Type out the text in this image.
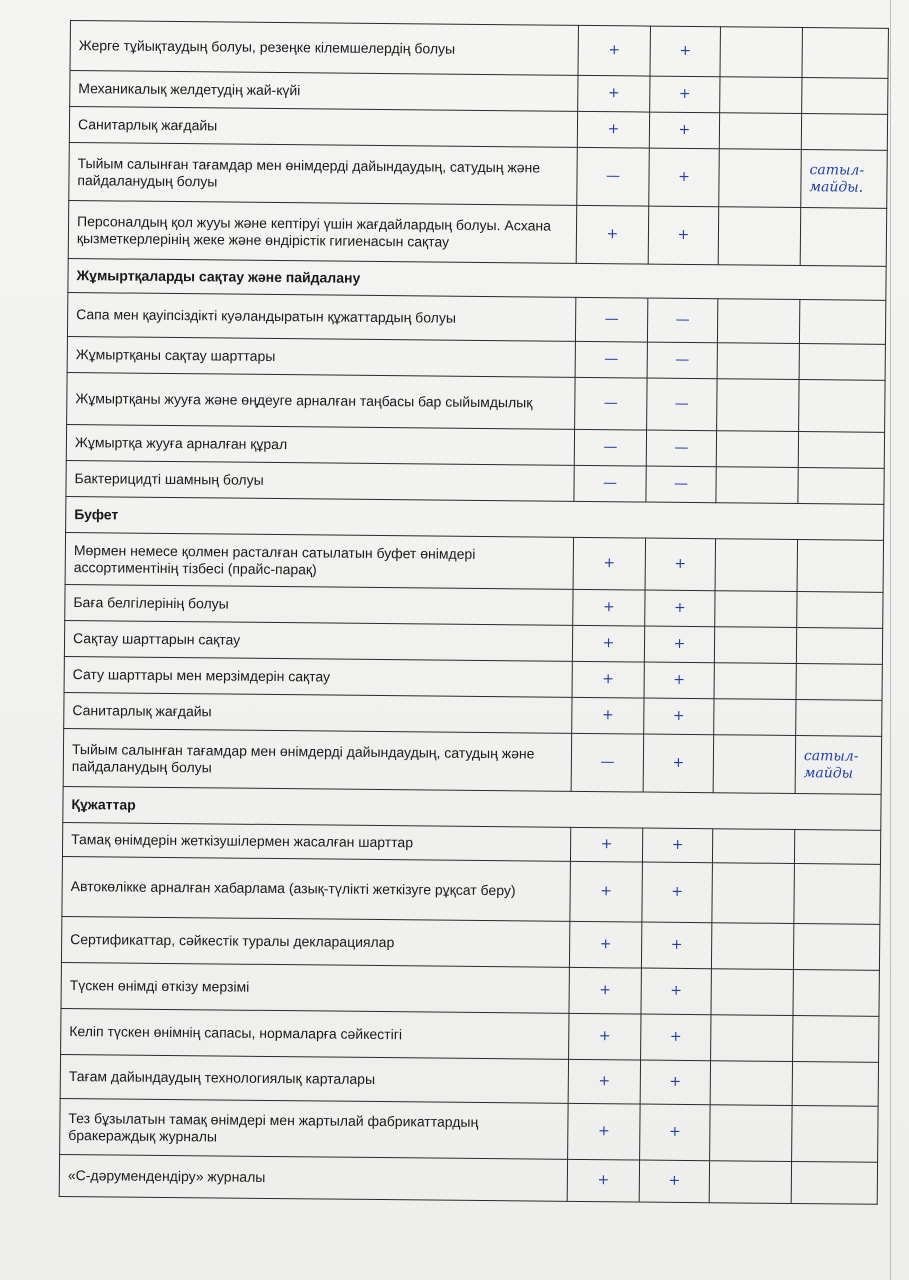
Жерге тұйықтаудың болуы, резеңке кілемшелердің болуы	+	+		
Механикалық желдетудің жай-күйі	+	+		
Санитарлық жағдайы	+	+		
Тыйым салынған тағамдар мен өнімдерді дайындаудың, сатудың және пайдаланудың болуы	—	+		сатыл-майды.
Персоналдың қол жууы және кептіруі үшін жағдайлардың болуы. Асхана қызметкерлерінің жеке және өндірістік гигиенасын сақтау	+	+		
Жұмыртқаларды сақтау және пайдалану				
Сапа мен қауіпсіздікті куәландыратын құжаттардың болуы	—	—		
Жұмыртқаны сақтау шарттары	—	—		
Жұмыртқаны жууға және өңдеуге арналған таңбасы бар сыйымдылық	—	—		
Жұмыртқа жууға арналған құрал	—	—		
Бактерицидті шамның болуы	—	—		
Буфет				
Мөрмен немесе қолмен расталған сатылатын буфет өнімдері ассортиментінің тізбесі (прайс-парақ)	+	+		
Баға белгілерінің болуы	+	+		
Сақтау шарттарын сақтау	+	+		
Сату шарттары мен мерзімдерін сақтау	+	+		
Санитарлық жағдайы	+	+		
Тыйым салынған тағамдар мен өнімдерді дайындаудың, сатудың және пайдаланудың болуы	—	+		сатыл-майды
Құжаттар				
Тамақ өнімдерін жеткізушілермен жасалған шарттар	+	+		
Автокөлікке арналған хабарлама (азық-түлікті жеткізуге рұқсат беру)	+	+		
Сертификаттар, сәйкестік туралы декларациялар	+	+		
Түскен өнімді өткізу мерзімі	+	+		
Келіп түскен өнімнің сапасы, нормаларға сәйкестігі	+	+		
Тағам дайындаудың технологиялық карталары	+	+		
Тез бұзылатын тамақ өнімдері мен жартылай фабрикаттардың бракераждық журналы	+	+		
«С-дәрумендендіру» журналы	+	+		
